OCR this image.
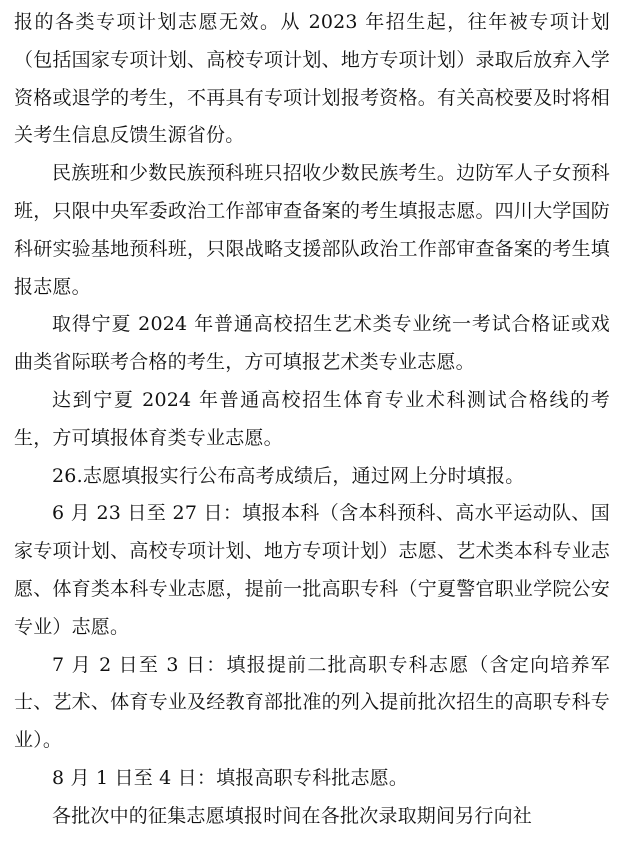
报的各类专项计划志愿无效。从 2023 年招生起，往年被专项计划（包括国家专项计划、高校专项计划、地方专项计划）录取后放弃入学资格或退学的考生，不再具有专项计划报考资格。有关高校要及时将相关考生信息反馈生源省份。

民族班和少数民族预科班只招收少数民族考生。边防军人子女预科班，只限中央军委政治工作部审查备案的考生填报志愿。四川大学国防科研实验基地预科班，只限战略支援部队政治工作部审查备案的考生填报志愿。

取得宁夏 2024 年普通高校招生艺术类专业统一考试合格证或戏曲类省际联考合格的考生，方可填报艺术类专业志愿。

达到宁夏 2024 年普通高校招生体育专业术科测试合格线的考生，方可填报体育类专业志愿。

26.志愿填报实行公布高考成绩后，通过网上分时填报。

6 月 23 日至 27 日：填报本科（含本科预科、高水平运动队、国家专项计划、高校专项计划、地方专项计划）志愿、艺术类本科专业志愿、体育类本科专业志愿，提前一批高职专科（宁夏警官职业学院公安专业）志愿。

7 月 2 日至 3 日：填报提前二批高职专科志愿（含定向培养军士、艺术、体育专业及经教育部批准的列入提前批次招生的高职专科专业）。

8 月 1 日至 4 日：填报高职专科批志愿。

各批次中的征集志愿填报时间在各批次录取期间另行向社
